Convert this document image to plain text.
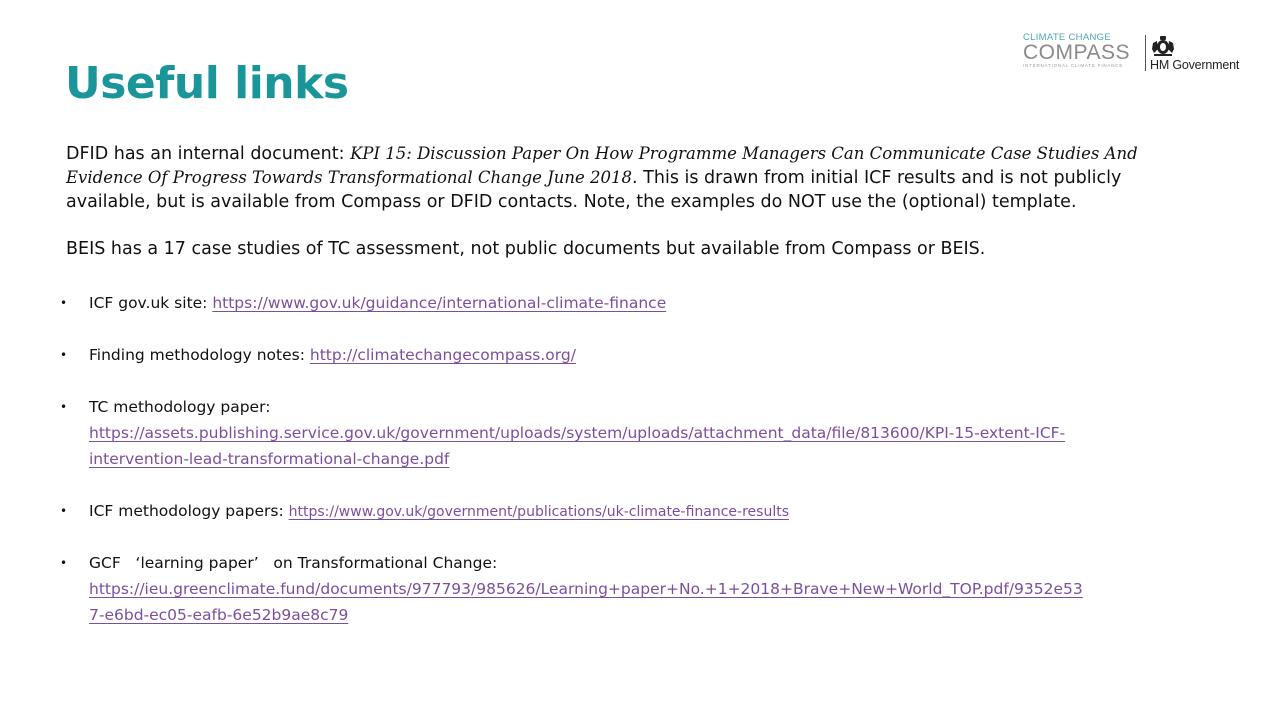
Useful links
CLIMATE CHANGE
COMPASS
INTERNATIONAL CLIMATE FINANCE	HM Government

DFID has an internal document: KPI 15: Discussion Paper On How Programme Managers Can Communicate Case Studies And Evidence Of Progress Towards Transformational Change June 2018. This is drawn from initial ICF results and is not publicly available, but is available from Compass or DFID contacts. Note, the examples do NOT use the (optional) template.

BEIS has a 17 case studies of TC assessment, not public documents but available from Compass or BEIS.

•	ICF gov.uk site: https://www.gov.uk/guidance/international-climate-finance
•	Finding methodology notes: http://climatechangecompass.org/
•	TC methodology paper:
https://assets.publishing.service.gov.uk/government/uploads/system/uploads/attachment_data/file/813600/KPI-15-extent-ICF-
intervention-lead-transformational-change.pdf
•	ICF methodology papers: https://www.gov.uk/government/publications/uk-climate-finance-results
•	GCF   ‘learning paper’   on Transformational Change:
https://ieu.greenclimate.fund/documents/977793/985626/Learning+paper+No.+1+2018+Brave+New+World_TOP.pdf/9352e53
7-e6bd-ec05-eafb-6e52b9ae8c79
